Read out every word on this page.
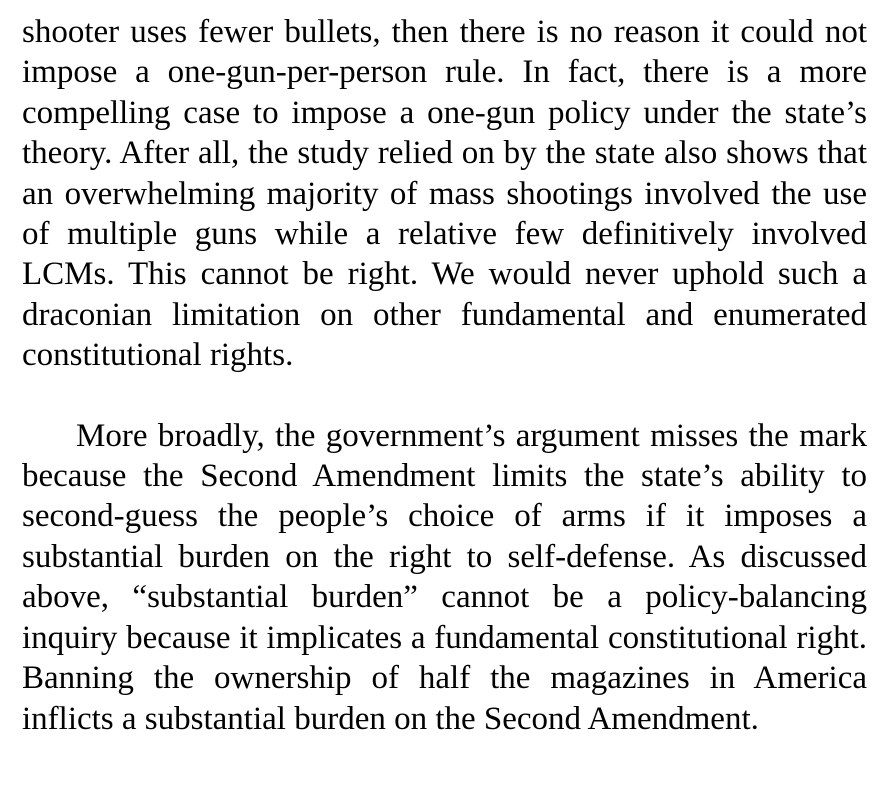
shooter uses fewer bullets, then there is no reason it could not impose a one-gun-per-person rule. In fact, there is a more compelling case to impose a one-gun policy under the state’s theory. After all, the study relied on by the state also shows that an overwhelming majority of mass shootings involved the use of multiple guns while a relative few definitively involved LCMs. This cannot be right. We would never uphold such a draconian limitation on other fundamental and enumerated constitutional rights.

More broadly, the government’s argument misses the mark because the Second Amendment limits the state’s ability to second-guess the people’s choice of arms if it imposes a substantial burden on the right to self-defense. As discussed above, “substantial burden” cannot be a policy-balancing inquiry because it implicates a fundamental constitutional right. Banning the ownership of half the magazines in America inflicts a substantial burden on the Second Amendment.
